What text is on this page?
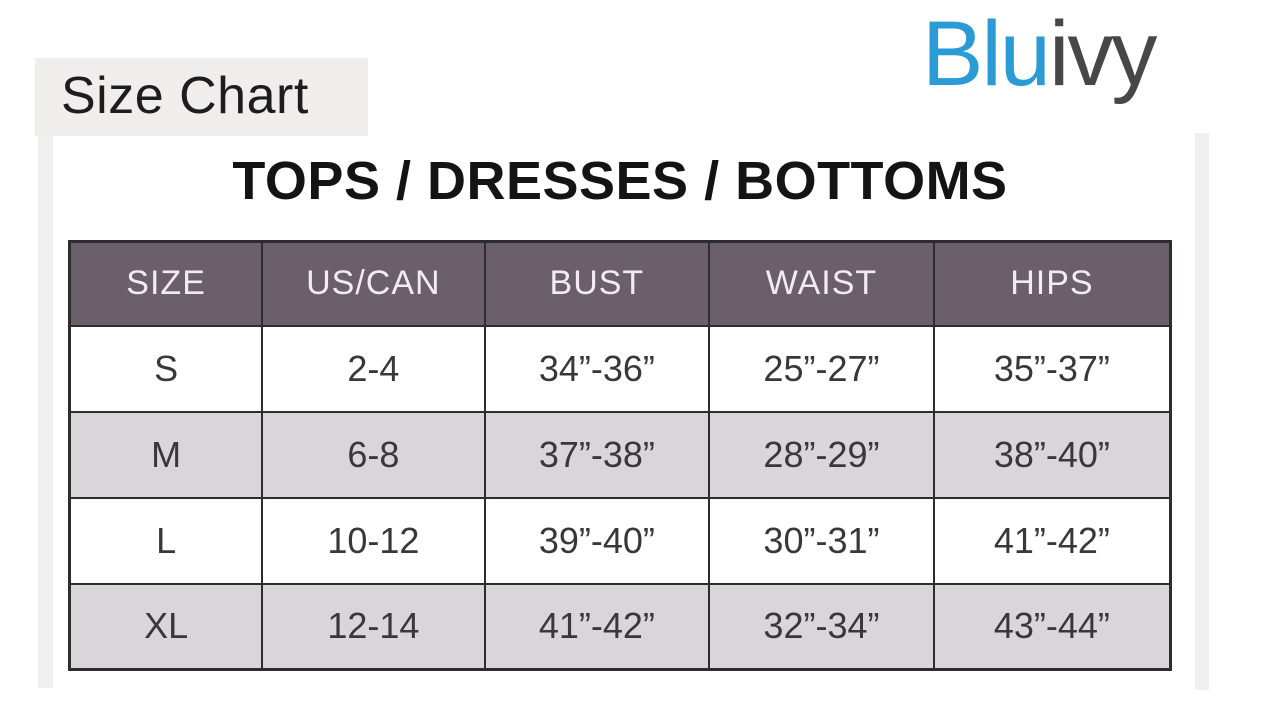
Size Chart	Bluivy
TOPS / DRESSES / BOTTOMS
SIZE	US/CAN	BUST	WAIST	HIPS
S	2-4	34”-36”	25”-27”	35”-37”
M	6-8	37”-38”	28”-29”	38”-40”
L	10-12	39”-40”	30”-31”	41”-42”
XL	12-14	41”-42”	32”-34”	43”-44”
